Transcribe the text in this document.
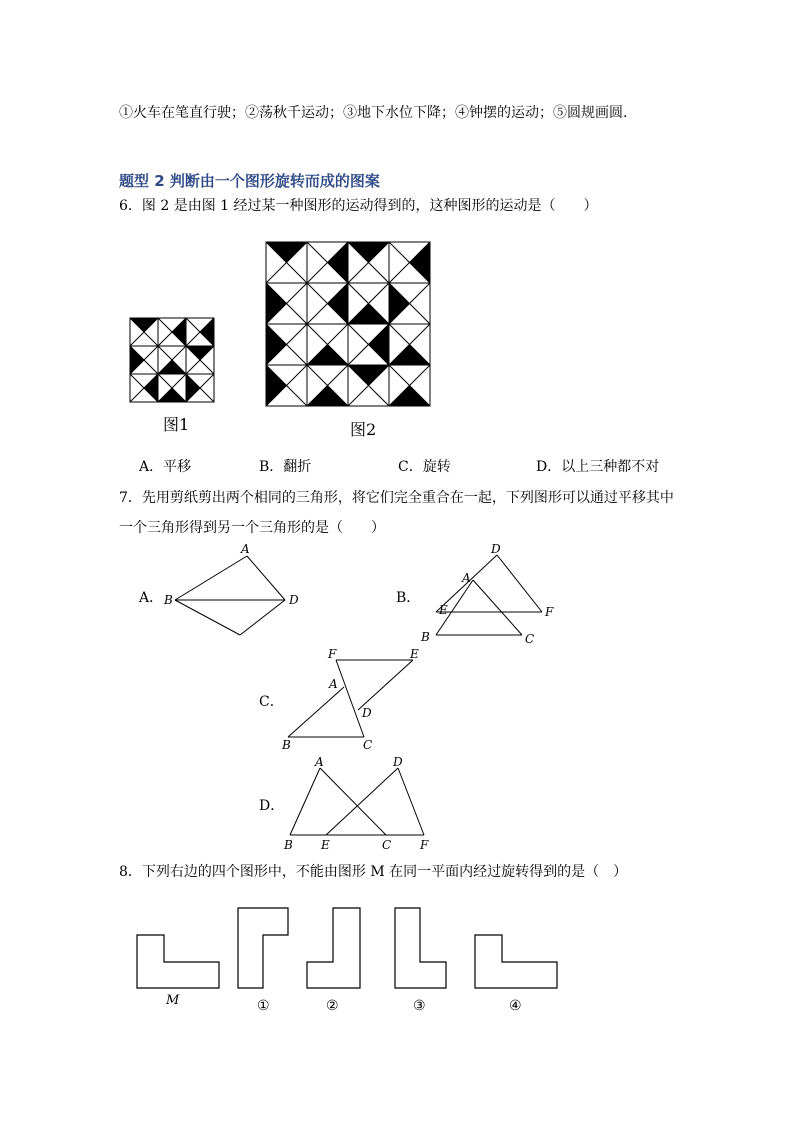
①火车在笔直行驶；②荡秋千运动；③地下水位下降；④钟摆的运动；⑤圆规画圆.
题型 2 判断由一个图形旋转而成的图案
6．图 2 是由图 1 经过某一种图形的运动得到的，这种图形的运动是（　　）
图1	图2
A．平移	B．翻折	C．旋转	D．以上三种都不对
7．先用剪纸剪出两个相同的三角形，将它们完全重合在一起，下列图形可以通过平移其中
一个三角形得到另一个三角形的是（　　）
A．
A
B	D	B．
D
A
E	F
B	C
C．
F	E
A
D
B	C
D．
A	D
B E	C F
8．下列右边的四个图形中，不能由图形 M 在同一平面内经过旋转得到的是（　）
M	①	②	③	④
